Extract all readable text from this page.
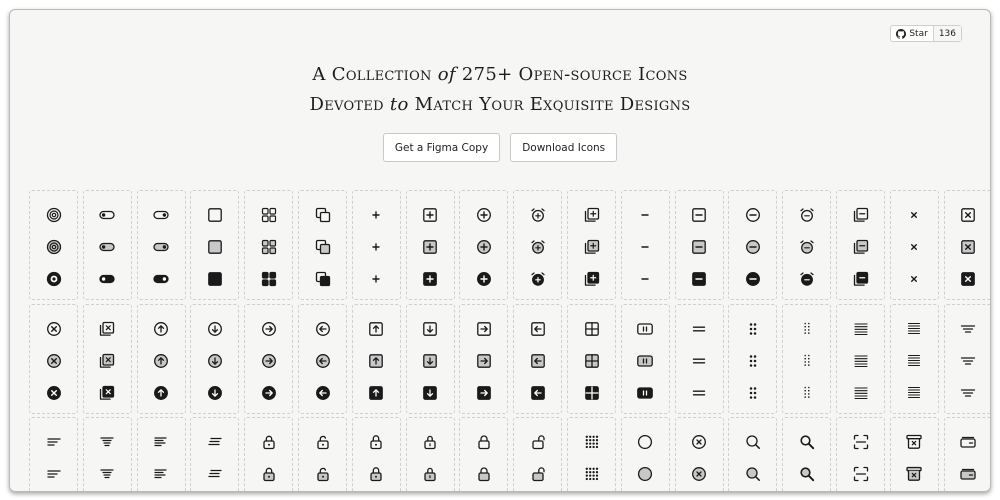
Star	136
A Collection of 275+ Open-source Icons
Devoted to Match Your Exquisite Designs
Get a Figma Copy	Download Icons
